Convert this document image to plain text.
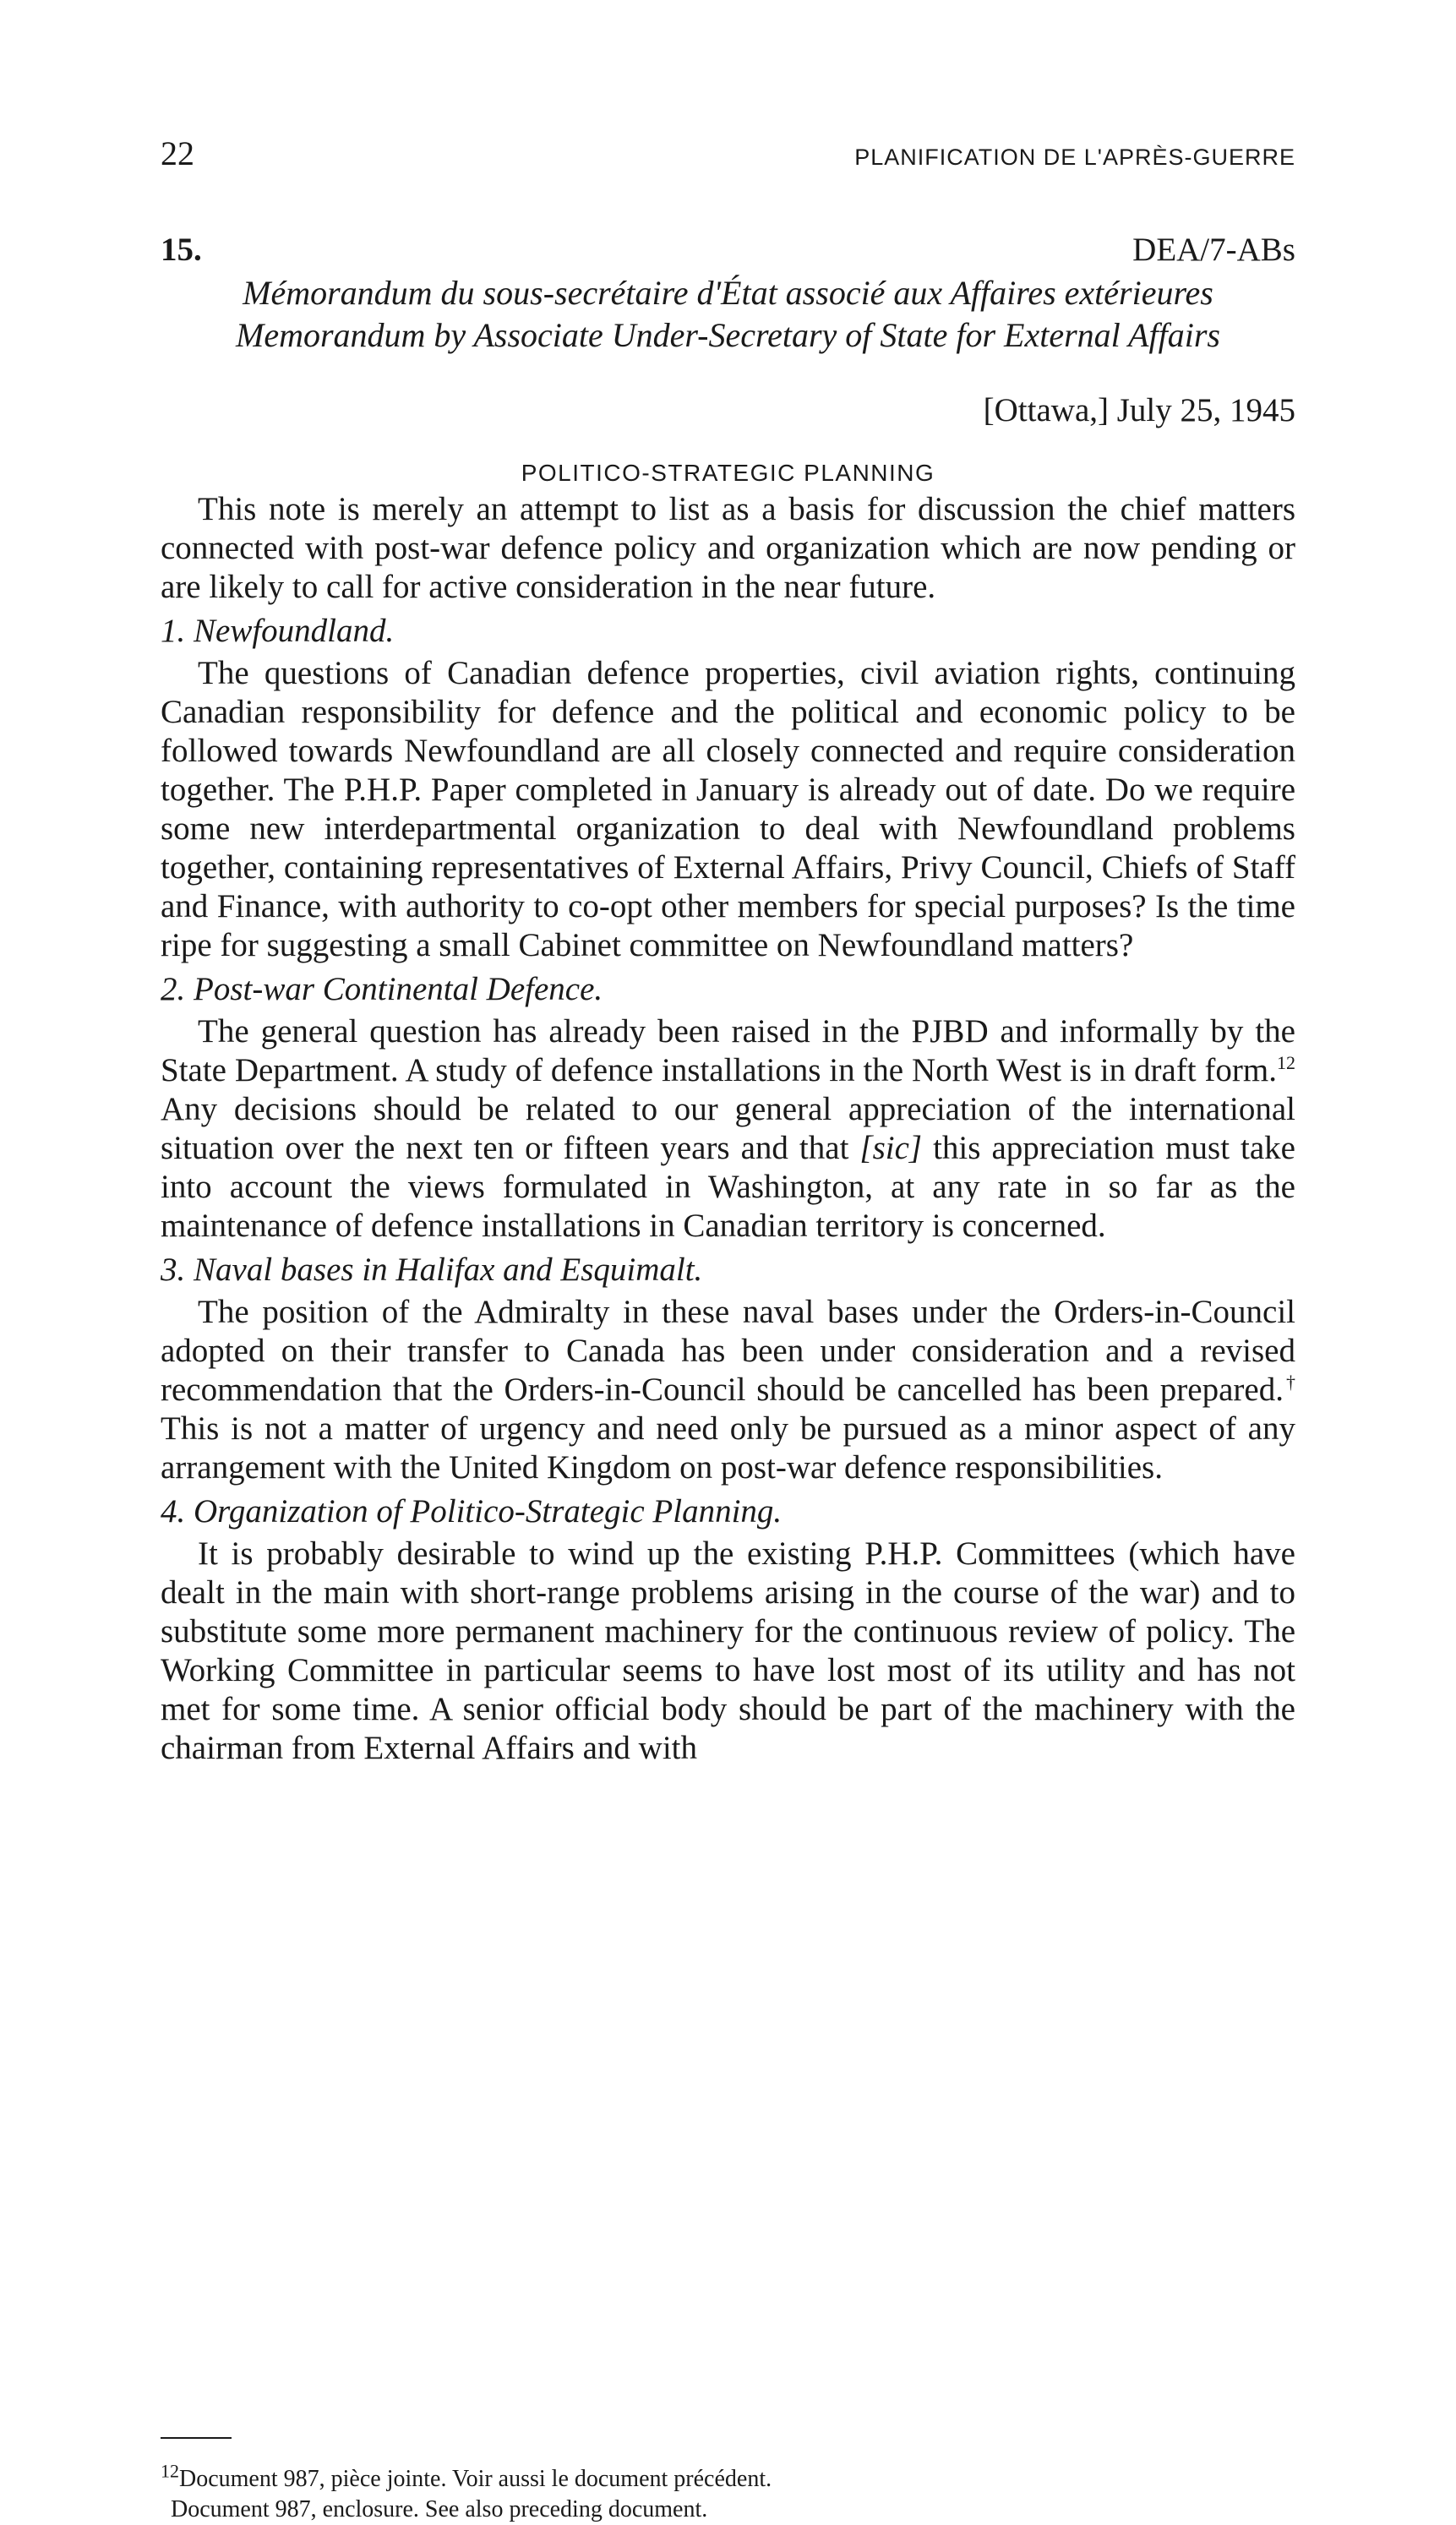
22	PLANIFICATION DE L'APRÈS-GUERRE
15.	DEA/7-ABs
Mémorandum du sous-secrétaire d'État associé aux Affaires extérieures
Memorandum by Associate Under-Secretary of State for External Affairs
[Ottawa,] July 25, 1945
POLITICO-STRATEGIC PLANNING

This note is merely an attempt to list as a basis for discussion the chief matters connected with post-war defence policy and organization which are now pending or are likely to call for active consideration in the near future.

1. Newfoundland.

The questions of Canadian defence properties, civil aviation rights, continuing Canadian responsibility for defence and the political and economic policy to be followed towards Newfoundland are all closely connected and require consideration together. The P.H.P. Paper completed in January is already out of date. Do we require some new interdepartmental organization to deal with Newfoundland problems together, containing representatives of External Affairs, Privy Council, Chiefs of Staff and Finance, with authority to co-opt other members for special purposes? Is the time ripe for suggesting a small Cabinet committee on Newfoundland matters?

2. Post-war Continental Defence.

The general question has already been raised in the PJBD and informally by the State Department. A study of defence installations in the North West is in draft form.$^{12}$ Any decisions should be related to our general appreciation of the international situation over the next ten or fifteen years and that [sic] this appreciation must take into account the views formulated in Washington, at any rate in so far as the maintenance of defence installations in Canadian territory is concerned.

3. Naval bases in Halifax and Esquimalt.

The position of the Admiralty in these naval bases under the Orders-in-Council adopted on their transfer to Canada has been under consideration and a revised recommendation that the Orders-in-Council should be cancelled has been prepared.† This is not a matter of urgency and need only be pursued as a minor aspect of any arrangement with the United Kingdom on post-war defence responsibilities.

4. Organization of Politico-Strategic Planning.

It is probably desirable to wind up the existing P.H.P. Committees (which have dealt in the main with short-range problems arising in the course of the war) and to substitute some more permanent machinery for the continuous review of policy. The Working Committee in particular seems to have lost most of its utility and has not met for some time. A senior official body should be part of the machinery with the chairman from External Affairs and with

$^{12}$Document 987, pièce jointe. Voir aussi le document précédent.
Document 987, enclosure. See also preceding document.
